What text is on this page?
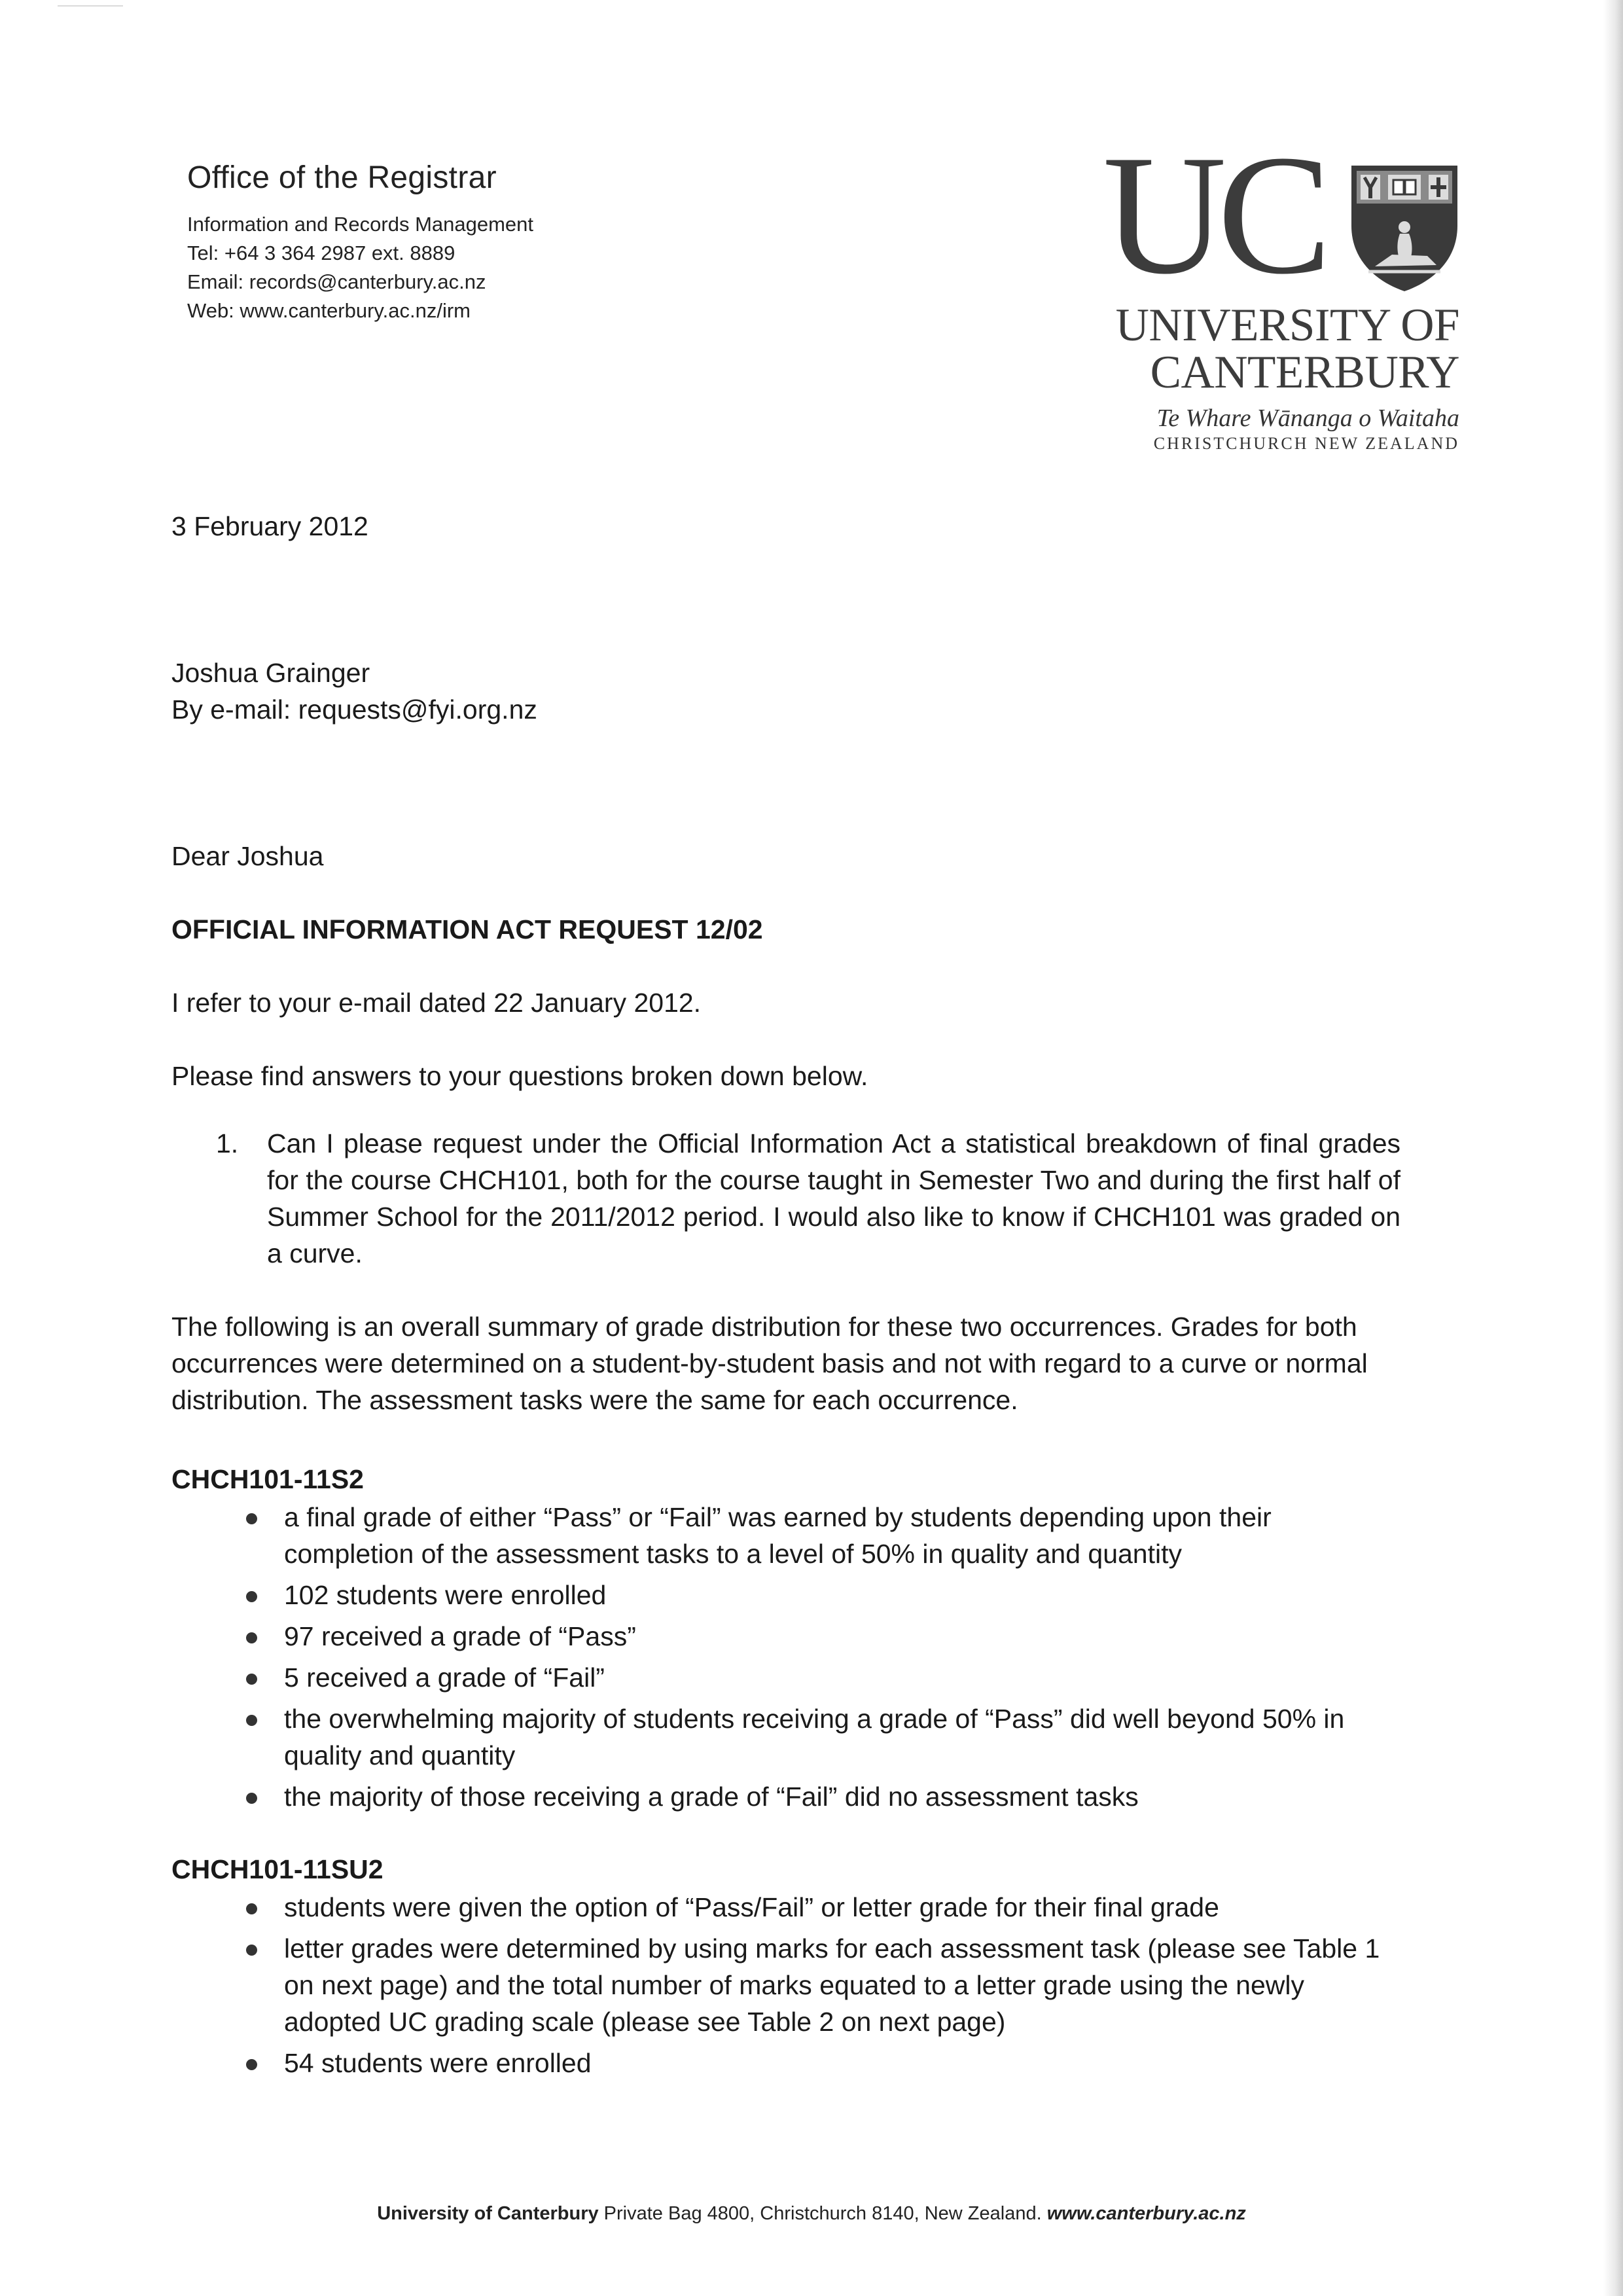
Office of the Registrar
Information and Records Management
Tel: +64 3 364 2987 ext. 8889
Email: records@canterbury.ac.nz
Web: www.canterbury.ac.nz/irm
UC
UNIVERSITY OF
CANTERBURY
Te Whare Wānanga o Waitaha
CHRISTCHURCH NEW ZEALAND
3 February 2012
Joshua Grainger
By e-mail: requests@fyi.org.nz
Dear Joshua
OFFICIAL INFORMATION ACT REQUEST 12/02
I refer to your e-mail dated 22 January 2012.
Please find answers to your questions broken down below.
1. Can I please request under the Official Information Act a statistical breakdown of final grades for the course CHCH101, both for the course taught in Semester Two and during the first half of Summer School for the 2011/2012 period. I would also like to know if CHCH101 was graded on a curve.
The following is an overall summary of grade distribution for these two occurrences. Grades for both occurrences were determined on a student-by-student basis and not with regard to a curve or normal distribution. The assessment tasks were the same for each occurrence.
CHCH101-11S2
a final grade of either “Pass” or “Fail” was earned by students depending upon their completion of the assessment tasks to a level of 50% in quality and quantity
102 students were enrolled
97 received a grade of “Pass”
5 received a grade of “Fail”
the overwhelming majority of students receiving a grade of “Pass” did well beyond 50% in quality and quantity
the majority of those receiving a grade of “Fail” did no assessment tasks
CHCH101-11SU2
students were given the option of “Pass/Fail” or letter grade for their final grade
letter grades were determined by using marks for each assessment task (please see Table 1 on next page) and the total number of marks equated to a letter grade using the newly adopted UC grading scale (please see Table 2 on next page)
54 students were enrolled
University of Canterbury Private Bag 4800, Christchurch 8140, New Zealand. www.canterbury.ac.nz
